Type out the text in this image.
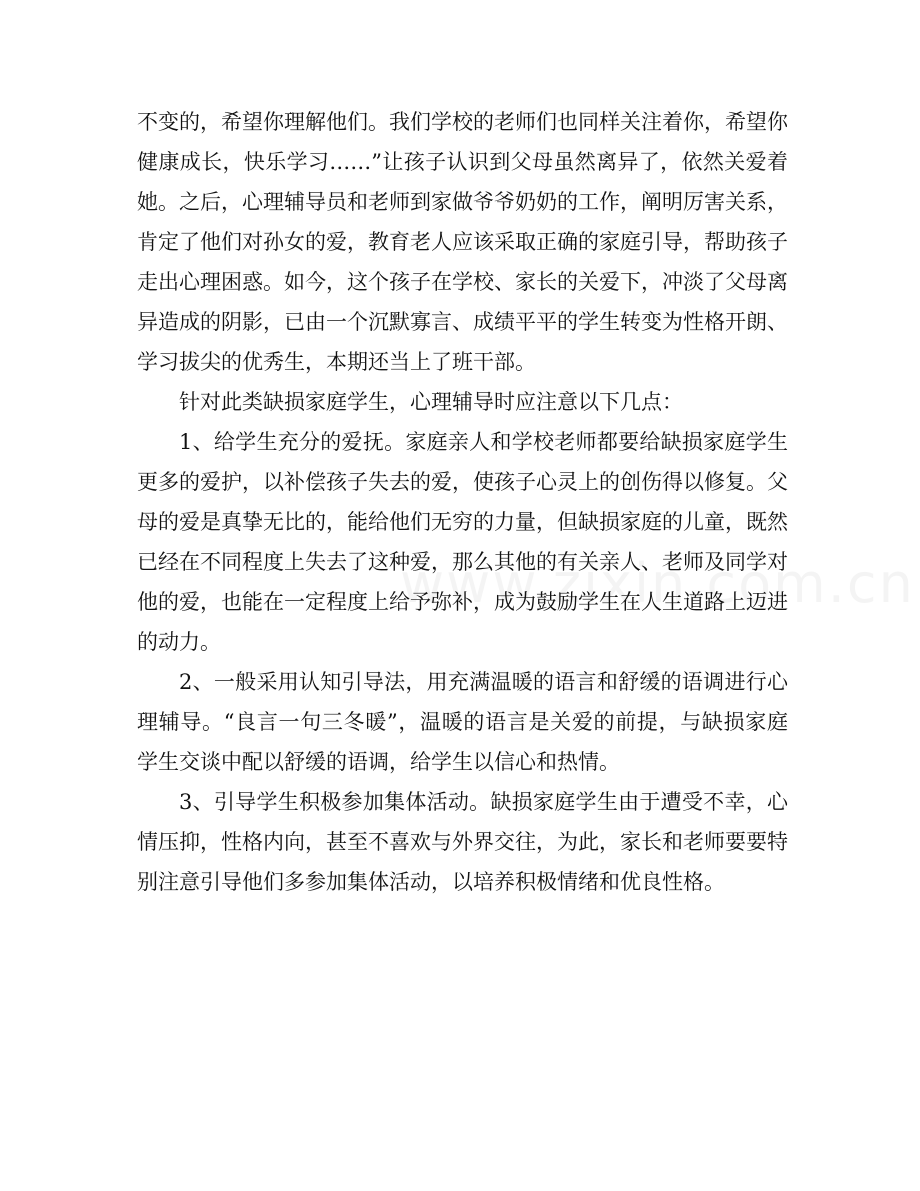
不变的，希望你理解他们。我们学校的老师们也同样关注着你，希望你健康成长，快乐学习……”让孩子认识到父母虽然离异了，依然关爱着她。之后，心理辅导员和老师到家做爷爷奶奶的工作，阐明厉害关系，肯定了他们对孙女的爱，教育老人应该采取正确的家庭引导，帮助孩子走出心理困惑。如今，这个孩子在学校、家长的关爱下，冲淡了父母离异造成的阴影，已由一个沉默寡言、成绩平平的学生转变为性格开朗、学习拔尖的优秀生，本期还当上了班干部。

针对此类缺损家庭学生，心理辅导时应注意以下几点：

1、给学生充分的爱抚。家庭亲人和学校老师都要给缺损家庭学生更多的爱护，以补偿孩子失去的爱，使孩子心灵上的创伤得以修复。父母的爱是真挚无比的，能给他们无穷的力量，但缺损家庭的儿童，既然已经在不同程度上失去了这种爱，那么其他的有关亲人、老师及同学对他的爱，也能在一定程度上给予弥补，成为鼓励学生在人生道路上迈进的动力。

2、一般采用认知引导法，用充满温暖的语言和舒缓的语调进行心理辅导。“良言一句三冬暖”，温暖的语言是关爱的前提，与缺损家庭学生交谈中配以舒缓的语调，给学生以信心和热情。

3、引导学生积极参加集体活动。缺损家庭学生由于遭受不幸，心情压抑，性格内向，甚至不喜欢与外界交往，为此，家长和老师要要特别注意引导他们多参加集体活动，以培养积极情绪和优良性格。
